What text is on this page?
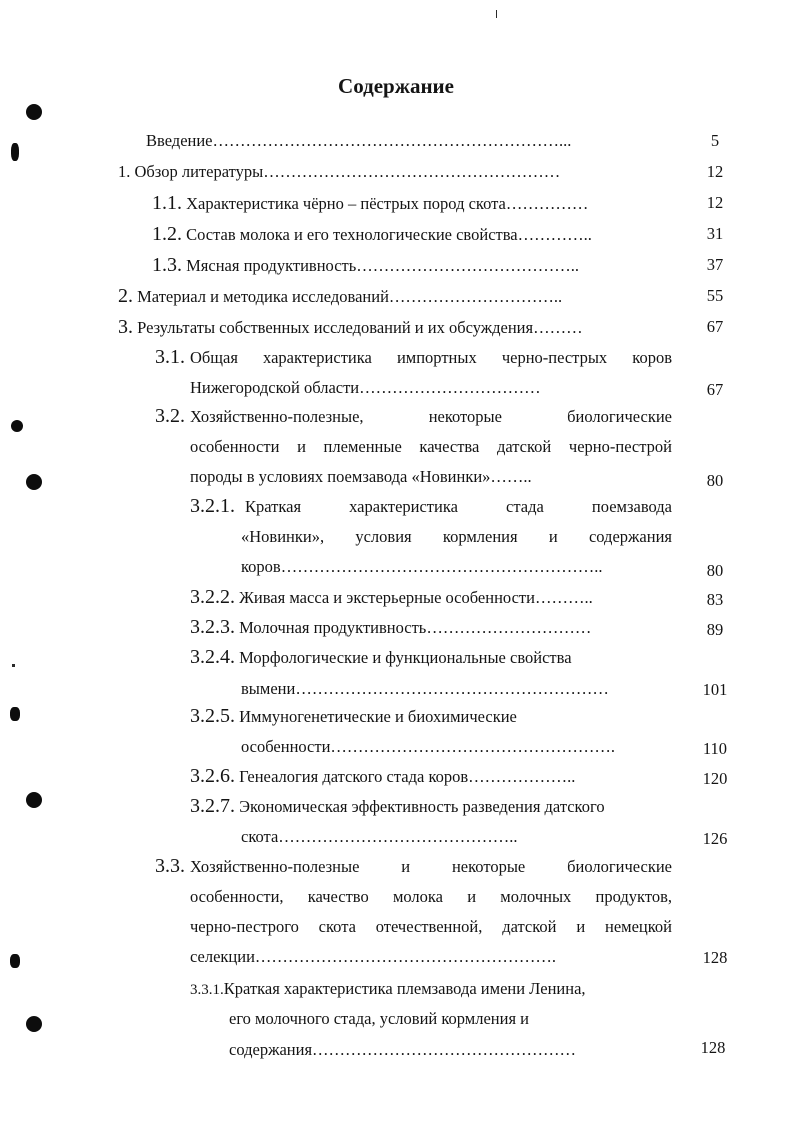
Содержание
Введение………………………………………………………...	5
1. Обзор литературы………………………………………………	12
1.1. Характеристика чёрно – пёстрых пород скота……………	12
1.2. Состав молока и его технологические свойства…………..	31
1.3. Мясная продуктивность…………………………………..	37
2. Материал и методика исследований…………………………..	55
3. Результаты собственных исследований и их обсуждения………	67
3.1. Общая характеристика импортных черно-пестрых коров
Нижегородской области……………………………	67
3.2. Хозяйственно-полезные, некоторые биологические
особенности и племенные качества датской черно-пестрой
породы в условиях поемзавода «Новинки»……..	80
3.2.1. Краткая характеристика стада поемзавода
«Новинки», условия кормления и содержания
коров…………………………………………………..	80
3.2.2. Живая масса и экстерьерные особенности………..	83
3.2.3. Молочная продуктивность…………………………	89
3.2.4. Морфологические и функциональные свойства
вымени…………………………………………………	101
3.2.5. Иммуногенетические и биохимические
особенности…………………………………………….	110
3.2.6. Генеалогия датского стада коров………………..	120
3.2.7. Экономическая эффективность разведения датского
скота……………………………………..	126
3.3. Хозяйственно-полезные и некоторые биологические
особенности, качество молока и молочных продуктов,
черно-пестрого скота отечественной, датской и немецкой
селекции……………………………………………….	128
3.3.1.Краткая характеристика племзавода имени Ленина,
его молочного стада, условий кормления и
содержания…………………………………………	128
